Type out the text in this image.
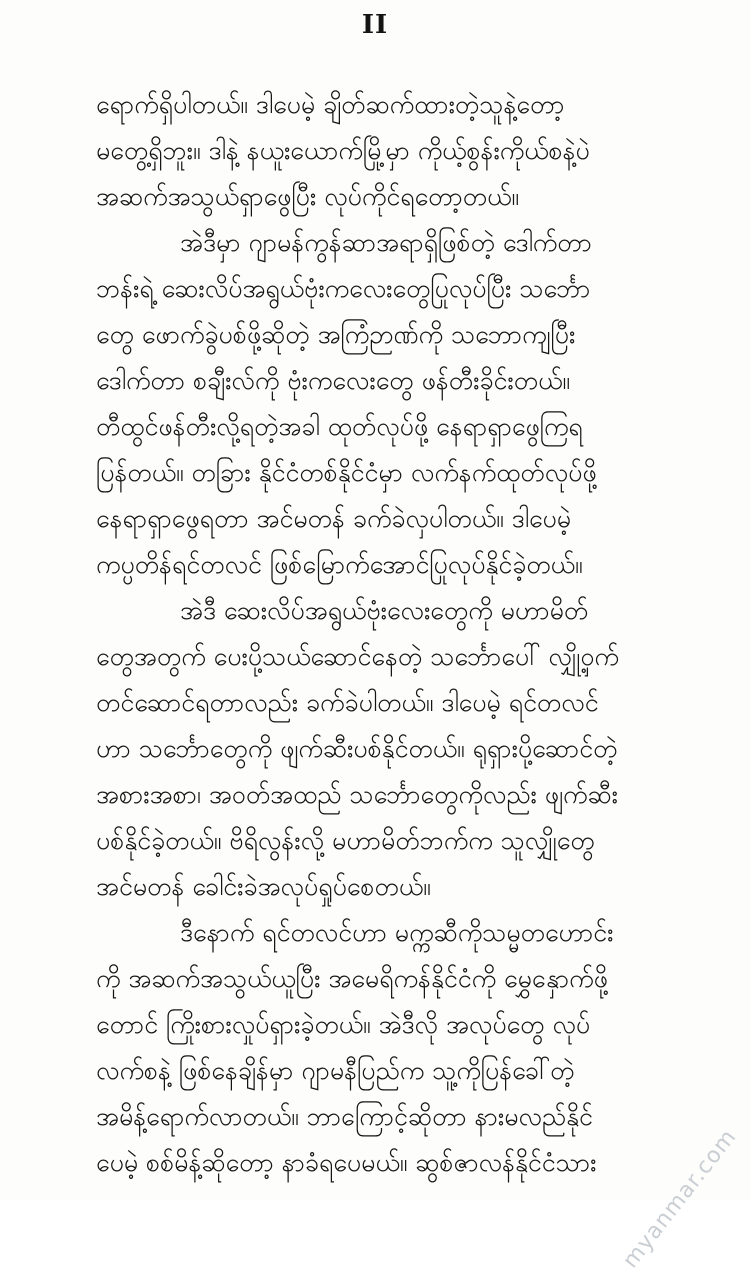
II
ရောက်ရှိပါတယ်။ ဒါပေမဲ့ ချိတ်ဆက်ထားတဲ့သူနဲ့တော့
မတွေ့ရှိဘူး။ ဒါနဲ့ နယူးယောက်မြို့မှာ ကိုယ့်စွန်းကိုယ်စနဲ့ပဲ
အဆက်အသွယ်ရှာဖွေပြီး လုပ်ကိုင်ရတော့တယ်။
အဲဒီမှာ ဂျာမန်ကွန်ဆာအရာရှိဖြစ်တဲ့ ဒေါက်တာ
ဘန်းရဲ့ ဆေးလိပ်အရွယ်ဗုံးကလေးတွေပြုလုပ်ပြီး သင်္ဘော
တွေ ဖောက်ခွဲပစ်ဖို့ဆိုတဲ့ အကြံဉာဏ်ကို သဘောကျပြီး
ဒေါက်တာ စချီးလ်ကို ဗုံးကလေးတွေ ဖန်တီးခိုင်းတယ်။
တီထွင်ဖန်တီးလို့ရတဲ့အခါ ထုတ်လုပ်ဖို့ နေရာရှာဖွေကြရ
ပြန်တယ်။ တခြား နိုင်ငံတစ်နိုင်ငံမှာ လက်နက်ထုတ်လုပ်ဖို့
နေရာရှာဖွေရတာ အင်မတန် ခက်ခဲလှပါတယ်။ ဒါပေမဲ့
ကပ္ပတိန်ရင်တလင် ဖြစ်မြောက်အောင်ပြုလုပ်နိုင်ခဲ့တယ်။
အဲဒီ ဆေးလိပ်အရွယ်ဗုံးလေးတွေကို မဟာမိတ်
တွေအတွက် ပေးပို့သယ်ဆောင်နေတဲ့ သင်္ဘောပေါ် လျှို့ဝှက်
တင်ဆောင်ရတာလည်း ခက်ခဲပါတယ်။ ဒါပေမဲ့ ရင်တလင်
ဟာ သင်္ဘောတွေကို ဖျက်ဆီးပစ်နိုင်တယ်။ ရုရှားပို့ဆောင်တဲ့
အစားအစာ၊ အဝတ်အထည် သင်္ဘောတွေကိုလည်း ဖျက်ဆီး
ပစ်နိုင်ခဲ့တယ်။ ဗိရိလွန်းလို့ မဟာမိတ်ဘက်က သူလျှိုတွေ
အင်မတန် ခေါင်းခဲအလုပ်ရှုပ်စေတယ်။
ဒီနောက် ရင်တလင်ဟာ မက္ကဆီကိုသမ္မတဟောင်း
ကို အဆက်အသွယ်ယူပြီး အမေရိကန်နိုင်ငံကို မွှေနှောက်ဖို့
တောင် ကြိုးစားလှုပ်ရှားခဲ့တယ်။ အဲဒီလို အလုပ်တွေ လုပ်
လက်စနဲ့ ဖြစ်နေချိန်မှာ ဂျာမနီပြည်က သူ့ကိုပြန်ခေါ်တဲ့
အမိန့်ရောက်လာတယ်။ ဘာကြောင့်ဆိုတာ နားမလည်နိုင်
ပေမဲ့ စစ်မိန့်ဆိုတော့ နာခံရပေမယ်။ ဆွစ်ဇာလန်နိုင်ငံသား myanmar.com
